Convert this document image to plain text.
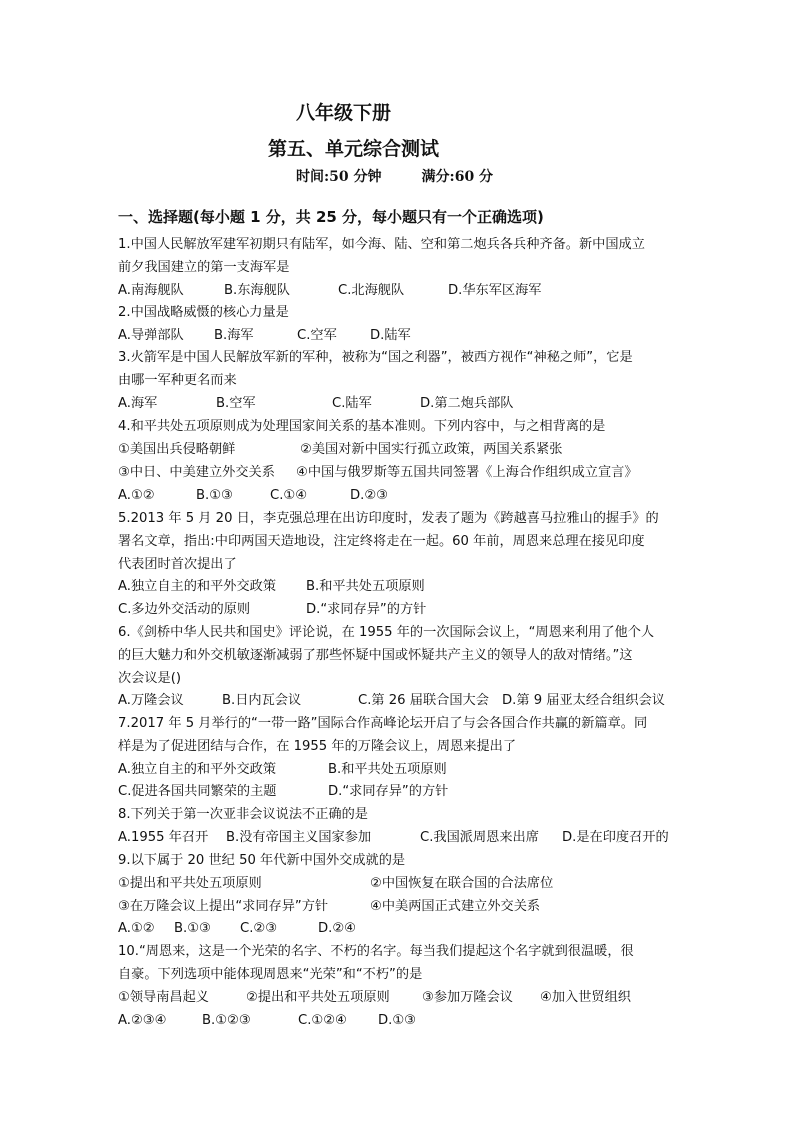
八年级下册
第五、单元综合测试
时间:50 分钟	满分:60 分
一、选择题(每小题 1 分，共 25 分，每小题只有一个正确选项)
1.中国人民解放军建军初期只有陆军，如今海、陆、空和第二炮兵各兵种齐备。新中国成立
前夕我国建立的第一支海军是
A.南海舰队	B.东海舰队	C.北海舰队	D.华东军区海军
2.中国战略威慑的核心力量是
A.导弹部队 B.海军	C.空军	D.陆军
3.火箭军是中国人民解放军新的军种，被称为“国之利器”，被西方视作“神秘之师”，它是
由哪一军种更名而来
A.海军	B.空军	C.陆军	D.第二炮兵部队
4.和平共处五项原则成为处理国家间关系的基本准则。下列内容中，与之相背离的是
①美国出兵侵略朝鲜	②美国对新中国实行孤立政策，两国关系紧张
③中日、中美建立外交关系 ④中国与俄罗斯等五国共同签署《上海合作组织成立宣言》
A.①②	B.①③	C.①④	D.②③
5.2013 年 5 月 20 日，李克强总理在出访印度时，发表了题为《跨越喜马拉雅山的握手》的
署名文章，指出:中印两国天造地设，注定终将走在一起。60 年前，周恩来总理在接见印度
代表团时首次提出了
A.独立自主的和平外交政策 B.和平共处五项原则
C.多边外交活动的原则	D.“求同存异”的方针
6.《剑桥中华人民共和国史》评论说，在 1955 年的一次国际会议上，“周恩来利用了他个人
的巨大魅力和外交机敏逐渐减弱了那些怀疑中国或怀疑共产主义的领导人的敌对情绪。”这
次会议是()
A.万隆会议	B.日内瓦会议	C.第 26 届联合国大会 D.第 9 届亚太经合组织会议
7.2017 年 5 月举行的“一带一路”国际合作高峰论坛开启了与会各国合作共赢的新篇章。同
样是为了促进团结与合作，在 1955 年的万隆会议上，周恩来提出了
A.独立自主的和平外交政策	B.和平共处五项原则
C.促进各国共同繁荣的主题	D.“求同存异”的方针
8.下列关于第一次亚非会议说法不正确的是
A.1955 年召开 B.没有帝国主义国家参加	C.我国派周恩来出席 D.是在印度召开的
9.以下属于 20 世纪 50 年代新中国外交成就的是
①提出和平共处五项原则	②中国恢复在联合国的合法席位
③在万隆会议上提出“求同存异”方针	④中美两国正式建立外交关系
A.①② B.①③ C.②③	D.②④
10.“周恩来，这是一个光荣的名字、不朽的名字。每当我们提起这个名字就到很温暖，很
自豪。下列选项中能体现周恩来“光荣”和“不朽”的是
①领导南昌起义	②提出和平共处五项原则 ③参加万隆会议 ④加入世贸组织
A.②③④	B.①②③	C.①②④ D.①③
